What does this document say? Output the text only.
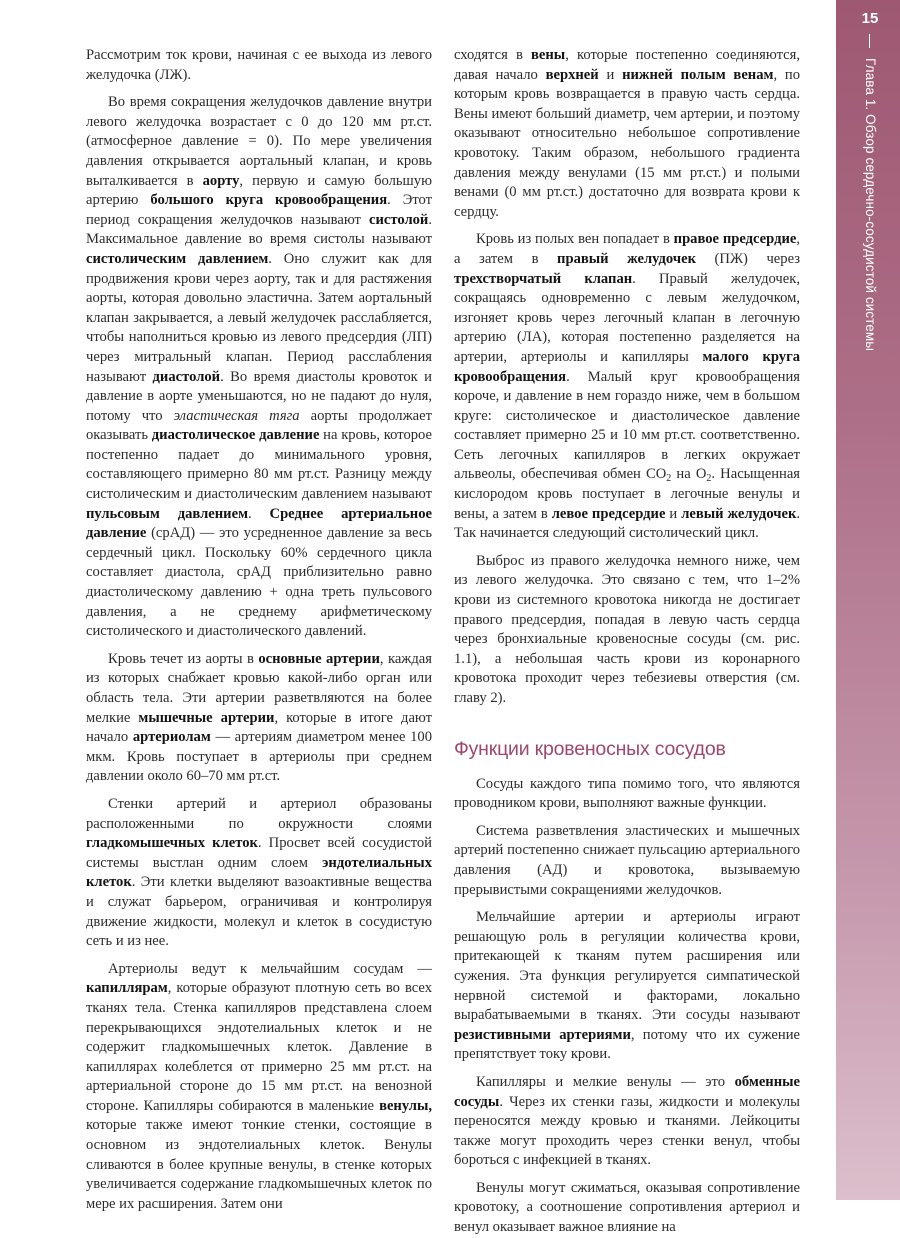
15
Глава 1. Обзор сердечно-сосудистой системы

Рассмотрим ток крови, начиная с ее выхода из левого желудочка (ЛЖ).

Во время сокращения желудочков давление внутри левого желудочка возрастает с 0 до 120 мм рт.ст. (атмосферное давление = 0). По мере увеличения давления открывается аортальный клапан, и кровь выталкивается в аорту, первую и самую большую артерию большого круга кровообращения. Этот период сокращения желудочков называют систолой. Максимальное давление во время систолы называют систолическим давлением. Оно служит как для продвижения крови через аорту, так и для растяжения аорты, которая довольно эластична. Затем аортальный клапан закрывается, а левый желудочек расслабляется, чтобы наполниться кровью из левого предсердия (ЛП) через митральный клапан. Период расслабления называют диастолой. Во время диастолы кровоток и давление в аорте уменьшаются, но не падают до нуля, потому что эластическая тяга аорты продолжает оказывать диастолическое давление на кровь, которое постепенно падает до минимального уровня, составляющего примерно 80 мм рт.ст. Разницу между систолическим и диастолическим давлением называют пульсовым давлением. Среднее артериальное давление (срАД) — это усредненное давление за весь сердечный цикл. Поскольку 60% сердечного цикла составляет диастола, срАД приблизительно равно диастолическому давлению + одна треть пульсового давления, а не среднему арифметическому систолического и диастолического давлений.

Кровь течет из аорты в основные артерии, каждая из которых снабжает кровью какой-либо орган или область тела. Эти артерии разветвляются на более мелкие мышечные артерии, которые в итоге дают начало артериолам — артериям диаметром менее 100 мкм. Кровь поступает в артериолы при среднем давлении около 60–70 мм рт.ст.

Стенки артерий и артериол образованы расположенными по окружности слоями гладкомышечных клеток. Просвет всей сосудистой системы выстлан одним слоем эндотелиальных клеток. Эти клетки выделяют вазоактивные вещества и служат барьером, ограничивая и контролируя движение жидкости, молекул и клеток в сосудистую сеть и из нее.

Артериолы ведут к мельчайшим сосудам — капиллярам, которые образуют плотную сеть во всех тканях тела. Стенка капилляров представлена слоем перекрывающихся эндотелиальных клеток и не содержит гладкомышечных клеток. Давление в капиллярах колеблется от примерно 25 мм рт.ст. на артериальной стороне до 15 мм рт.ст. на венозной стороне. Капилляры собираются в маленькие венулы, которые также имеют тонкие стенки, состоящие в основном из эндотелиальных клеток. Венулы сливаются в более крупные венулы, в стенке которых увеличивается содержание гладкомышечных клеток по мере их расширения. Затем они

сходятся в вены, которые постепенно соединяются, давая начало верхней и нижней полым венам, по которым кровь возвращается в правую часть сердца. Вены имеют больший диаметр, чем артерии, и поэтому оказывают относительно небольшое сопротивление кровотоку. Таким образом, небольшого градиента давления между венулами (15 мм рт.ст.) и полыми венами (0 мм рт.ст.) достаточно для возврата крови к сердцу.

Кровь из полых вен попадает в правое предсердие, а затем в правый желудочек (ПЖ) через трехстворчатый клапан. Правый желудочек, сокращаясь одновременно с левым желудочком, изгоняет кровь через легочный клапан в легочную артерию (ЛА), которая постепенно разделяется на артерии, артериолы и капилляры малого круга кровообращения. Малый круг кровообращения короче, и давление в нем гораздо ниже, чем в большом круге: систолическое и диастолическое давление составляет примерно 25 и 10 мм рт.ст. соответственно. Сеть легочных капилляров в легких окружает альвеолы, обеспечивая обмен $CO_2$ на $O_2$. Насыщенная кислородом кровь поступает в легочные венулы и вены, а затем в левое предсердие и левый желудочек. Так начинается следующий систолический цикл.

Выброс из правого желудочка немного ниже, чем из левого желудочка. Это связано с тем, что 1–2% крови из системного кровотока никогда не достигает правого предсердия, попадая в левую часть сердца через бронхиальные кровеносные сосуды (см. рис. 1.1), а небольшая часть крови из коронарного кровотока проходит через тебезиевы отверстия (см. главу 2).

Функции кровеносных сосудов

Сосуды каждого типа помимо того, что являются проводником крови, выполняют важные функции.

Система разветвления эластических и мышечных артерий постепенно снижает пульсацию артериального давления (АД) и кровотока, вызываемую прерывистыми сокращениями желудочков.

Мельчайшие артерии и артериолы играют решающую роль в регуляции количества крови, притекающей к тканям путем расширения или сужения. Эта функция регулируется симпатической нервной системой и факторами, локально вырабатываемыми в тканях. Эти сосуды называют резистивными артериями, потому что их сужение препятствует току крови.

Капилляры и мелкие венулы — это обменные сосуды. Через их стенки газы, жидкости и молекулы переносятся между кровью и тканями. Лейкоциты также могут проходить через стенки венул, чтобы бороться с инфекцией в тканях.

Венулы могут сжиматься, оказывая сопротивление кровотоку, а соотношение сопротивления артериол и венул оказывает важное влияние на
